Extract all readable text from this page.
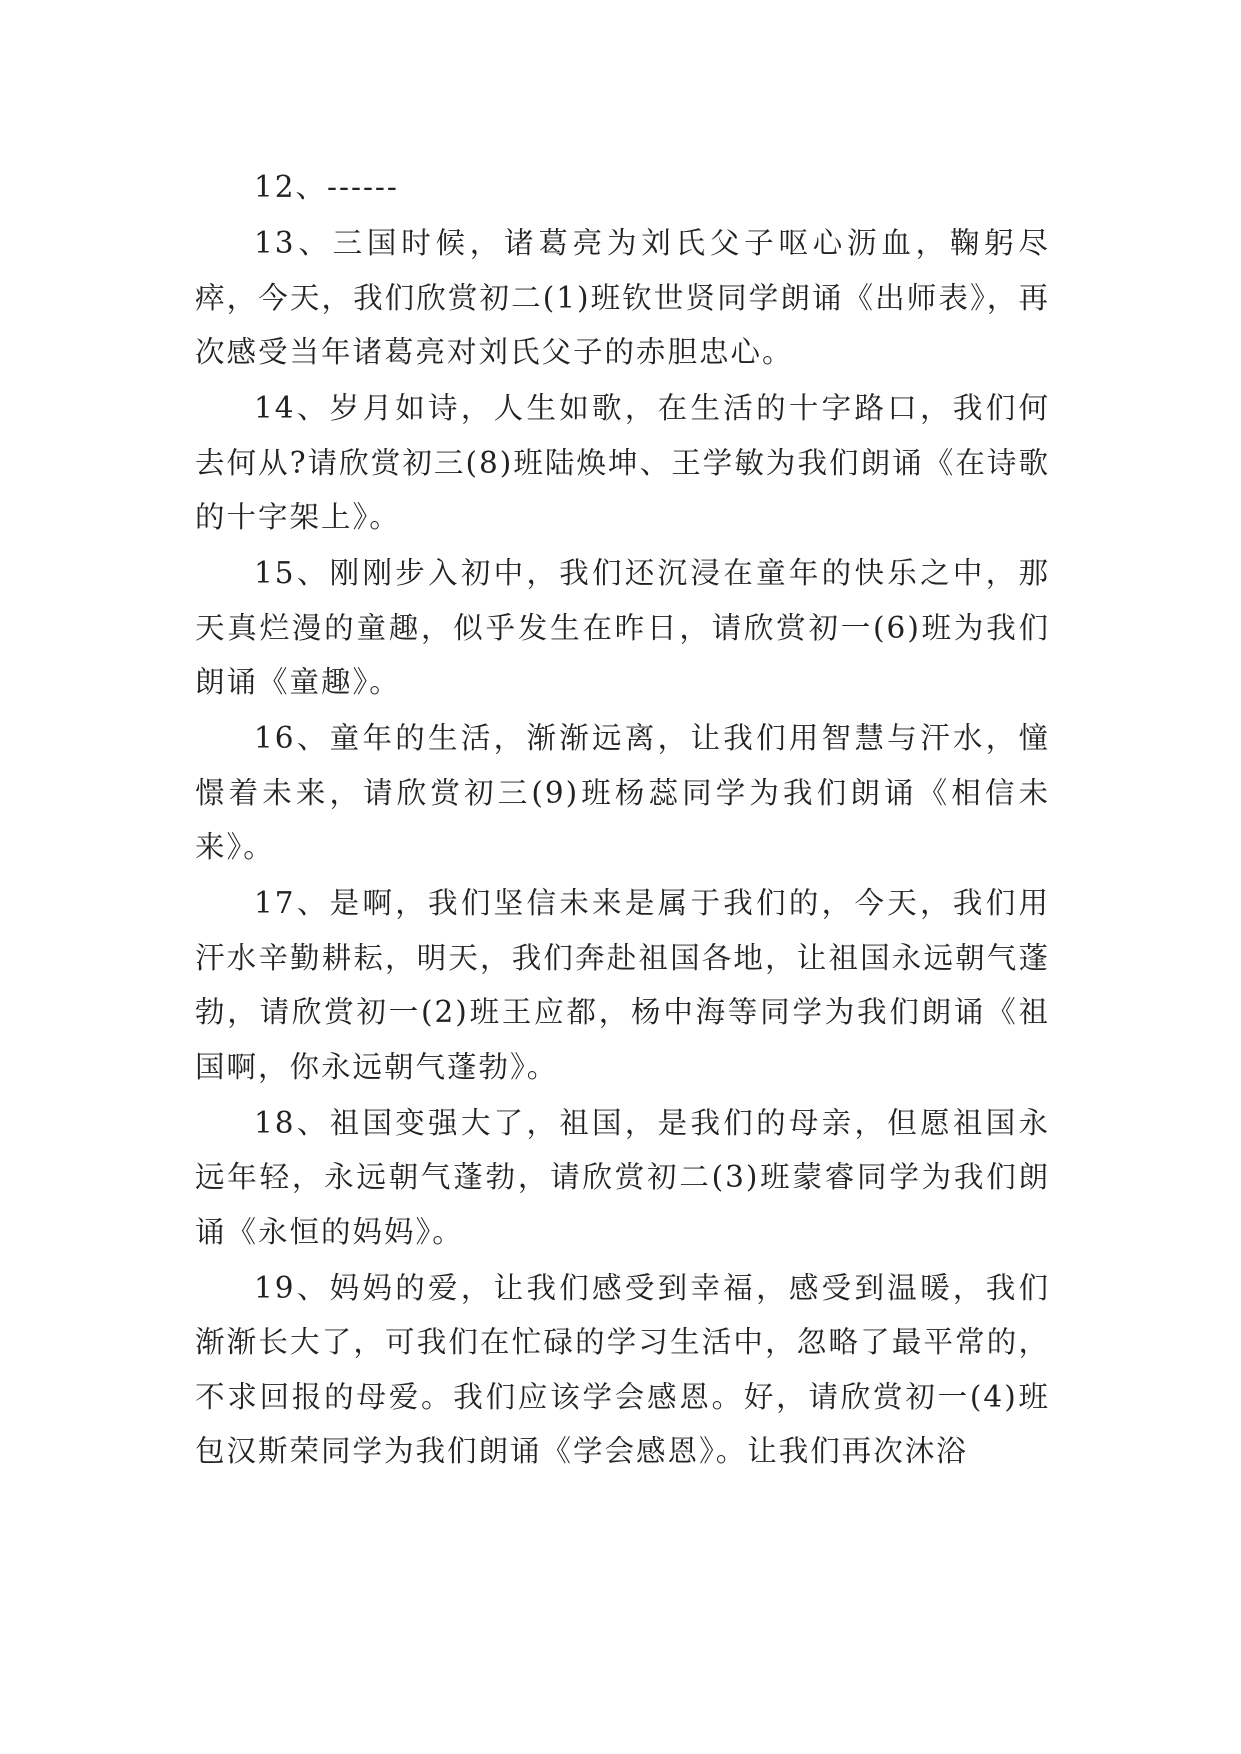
12、------

13、三国时候，诸葛亮为刘氏父子呕心沥血，鞠躬尽瘁，今天，我们欣赏初二(1)班钦世贤同学朗诵《出师表》，再次感受当年诸葛亮对刘氏父子的赤胆忠心。

14、岁月如诗，人生如歌，在生活的十字路口，我们何去何从?请欣赏初三(8)班陆焕坤、王学敏为我们朗诵《在诗歌的十字架上》。

15、刚刚步入初中，我们还沉浸在童年的快乐之中，那天真烂漫的童趣，似乎发生在昨日，请欣赏初一(6)班为我们朗诵《童趣》。

16、童年的生活，渐渐远离，让我们用智慧与汗水，憧憬着未来，请欣赏初三(9)班杨蕊同学为我们朗诵《相信未来》。

17、是啊，我们坚信未来是属于我们的，今天，我们用汗水辛勤耕耘，明天，我们奔赴祖国各地，让祖国永远朝气蓬勃，请欣赏初一(2)班王应都，杨中海等同学为我们朗诵《祖国啊，你永远朝气蓬勃》。

18、祖国变强大了，祖国，是我们的母亲，但愿祖国永远年轻，永远朝气蓬勃，请欣赏初二(3)班蒙睿同学为我们朗诵《永恒的妈妈》。

19、妈妈的爱，让我们感受到幸福，感受到温暖，我们渐渐长大了，可我们在忙碌的学习生活中，忽略了最平常的，不求回报的母爱。我们应该学会感恩。好，请欣赏初一(4)班包汉斯荣同学为我们朗诵《学会感恩》。让我们再次沐浴
